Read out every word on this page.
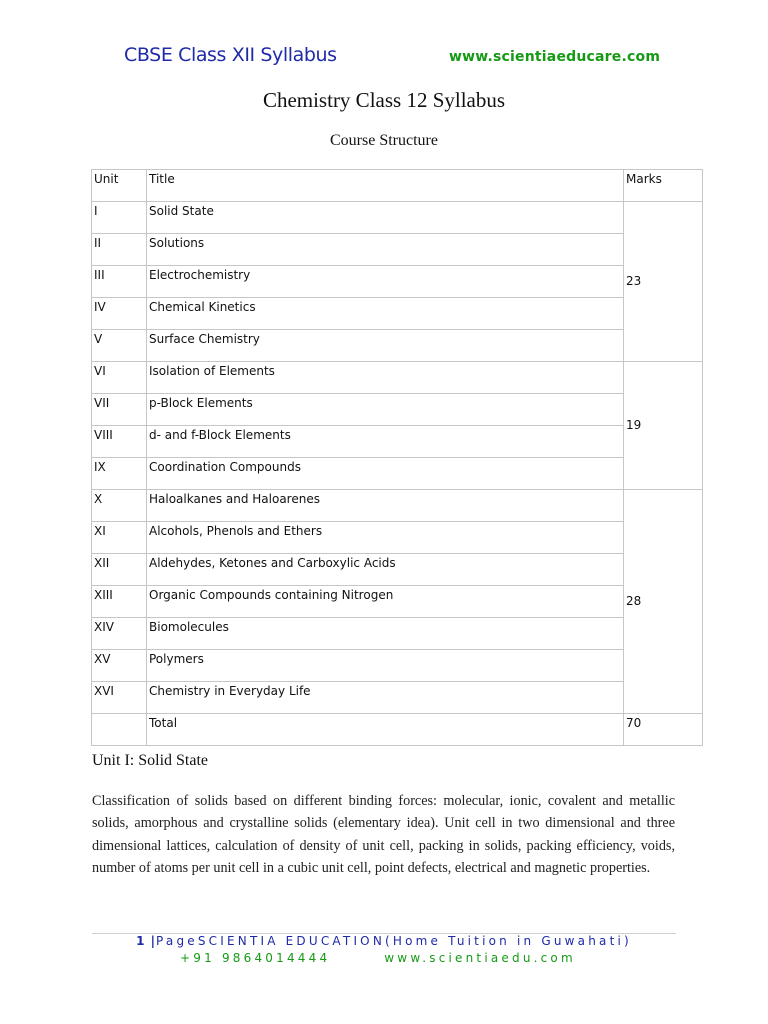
CBSE Class XII Syllabus	www.scientiaeducare.com
Chemistry Class 12 Syllabus
Course Structure
Unit	Title	Marks
I	Solid State	23
II	Solutions	
III	Electrochemistry	
IV	Chemical Kinetics	
V	Surface Chemistry	
VI	Isolation of Elements	19
VII	p-Block Elements	
VIII	d- and f-Block Elements	
IX	Coordination Compounds	
X	Haloalkanes and Haloarenes	28
XI	Alcohols, Phenols and Ethers	
XII	Aldehydes, Ketones and Carboxylic Acids	
XIII	Organic Compounds containing Nitrogen	
XIV	Biomolecules	
XV	Polymers	
XVI	Chemistry in Everyday Life	
	Total	70
Unit I: Solid State

Classification of solids based on different binding forces: molecular, ionic, covalent and metallic solids, amorphous and crystalline solids (elementary idea). Unit cell in two dimensional and three dimensional lattices, calculation of density of unit cell, packing in solids, packing efficiency, voids, number of atoms per unit cell in a cubic unit cell, point defects, electrical and magnetic properties.

1 |PageSCIENTIA EDUCATION(Home Tuition in Guwahati)
+91 9864014444	www.scientiaedu.com
